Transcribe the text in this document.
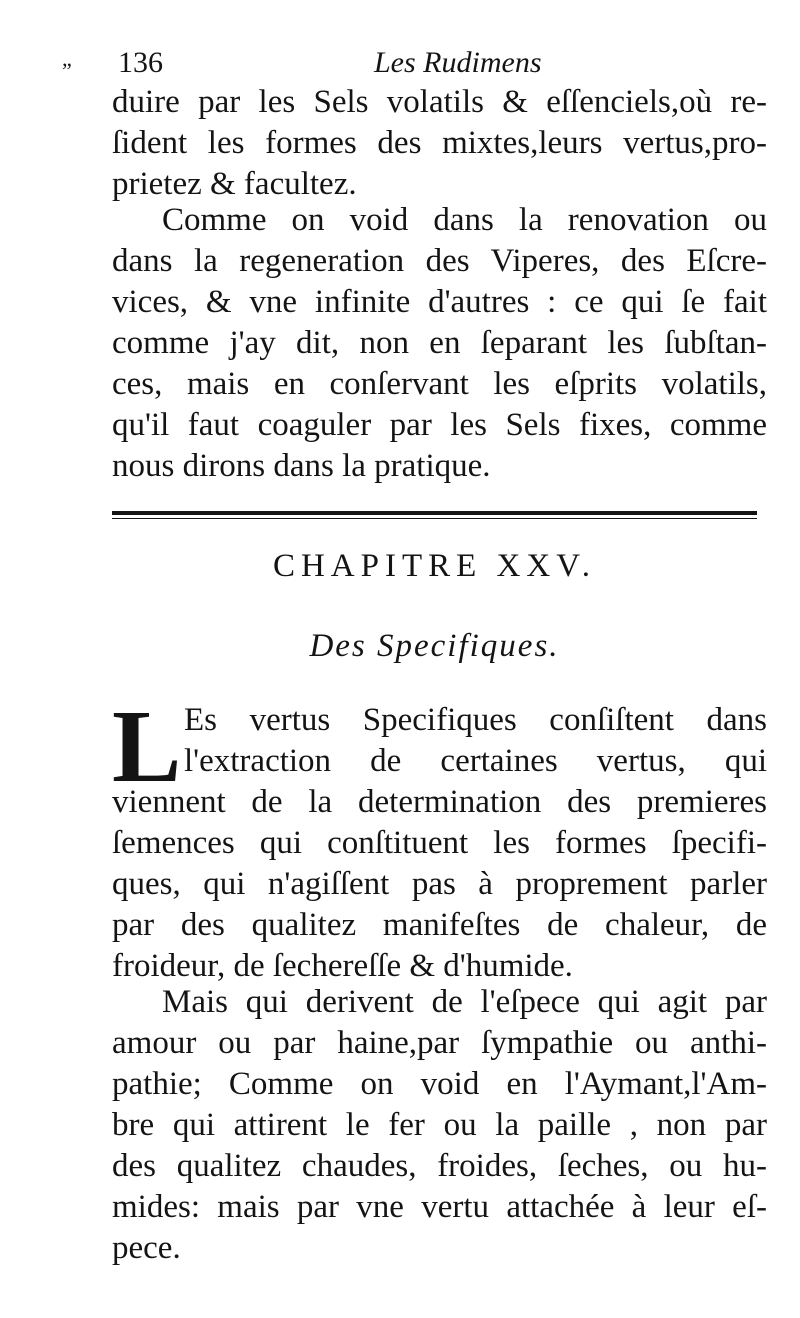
„ 136	Les Rudimens
duire par les Sels volatils & eſſenciels,où re-
ſident les formes des mixtes,leurs vertus,pro-
prietez & facultez.
Comme on void dans la renovation ou
dans la regeneration des Viperes, des Eſcre-
vices, & vne infinite d'autres : ce qui ſe fait
comme j'ay dit, non en ſeparant les ſubſtan-
ces, mais en conſervant les eſprits volatils,
qu'il faut coaguler par les Sels fixes, comme
nous dirons dans la pratique.
CHAPITRE XXV.
Des Specifiques.
L Es vertus Specifiques conſiſtent dans
l'extraction de certaines vertus, qui
viennent de la determination des premieres
ſemences qui conſtituent les formes ſpecifi-
ques, qui n'agiſſent pas à proprement parler
par des qualitez manifeſtes de chaleur, de
froideur, de ſechereſſe & d'humide.
Mais qui derivent de l'eſpece qui agit par
amour ou par haine,par ſympathie ou anthi-
pathie; Comme on void en l'Aymant,l'Am-
bre qui attirent le fer ou la paille , non par
des qualitez chaudes, froides, ſeches, ou hu-
mides: mais par vne vertu attachée à leur eſ-
pece.
